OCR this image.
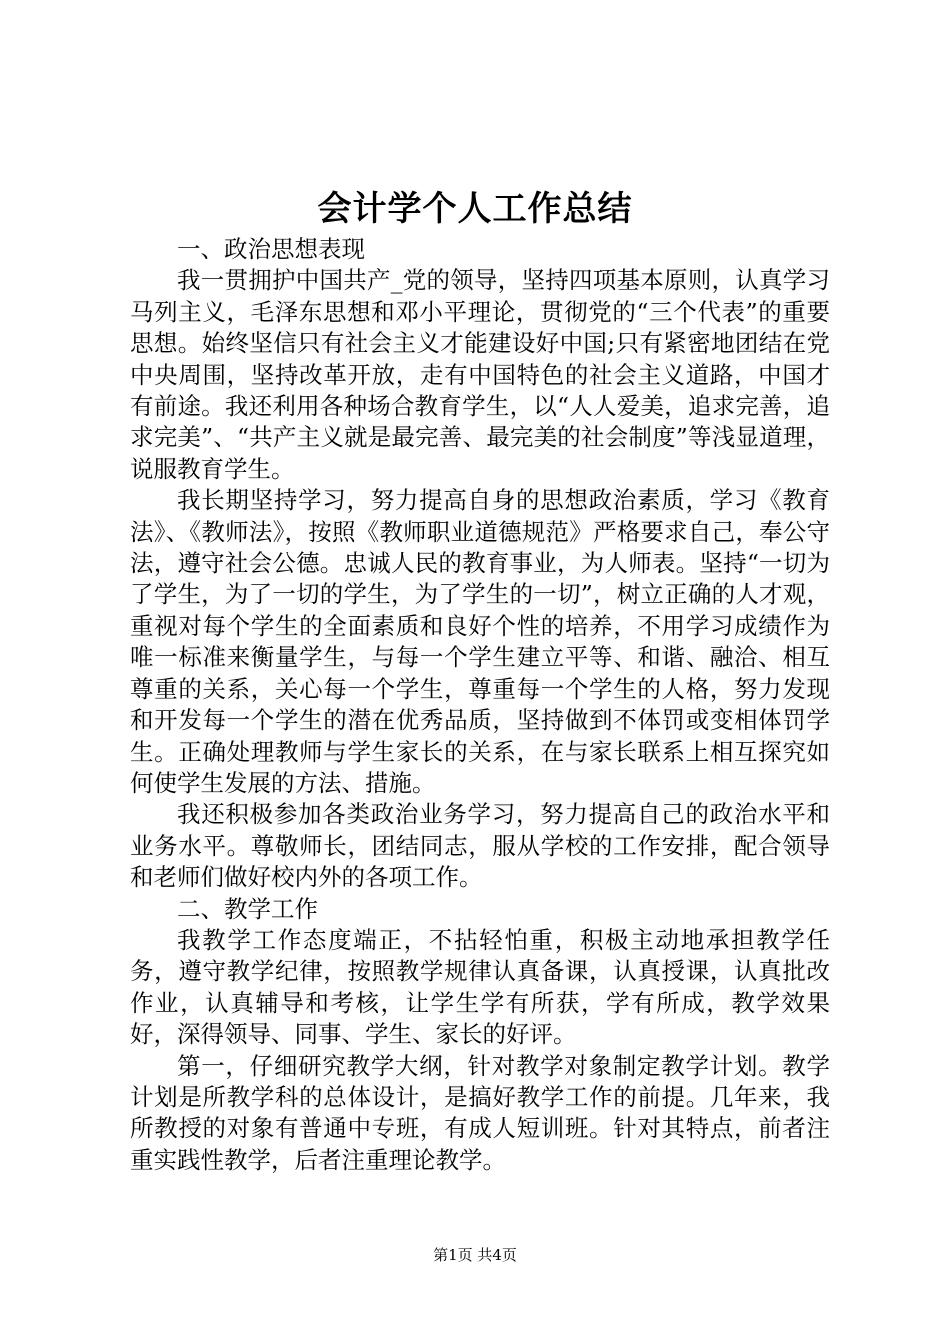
会计学个人工作总结

一、政治思想表现

我一贯拥护中国共产_党的领导，坚持四项基本原则，认真学习马列主义，毛泽东思想和邓小平理论，贯彻党的“三个代表”的重要思想。始终坚信只有社会主义才能建设好中国;只有紧密地团结在党中央周围，坚持改革开放，走有中国特色的社会主义道路，中国才有前途。我还利用各种场合教育学生，以“人人爱美，追求完善，追求完美”、“共产主义就是最完善、最完美的社会制度”等浅显道理，说服教育学生。

我长期坚持学习，努力提高自身的思想政治素质，学习《教育法》、《教师法》，按照《教师职业道德规范》严格要求自己，奉公守法，遵守社会公德。忠诚人民的教育事业，为人师表。坚持“一切为了学生，为了一切的学生，为了学生的一切”，树立正确的人才观，重视对每个学生的全面素质和良好个性的培养，不用学习成绩作为唯一标准来衡量学生，与每一个学生建立平等、和谐、融洽、相互尊重的关系，关心每一个学生，尊重每一个学生的人格，努力发现和开发每一个学生的潜在优秀品质，坚持做到不体罚或变相体罚学生。正确处理教师与学生家长的关系，在与家长联系上相互探究如何使学生发展的方法、措施。

我还积极参加各类政治业务学习，努力提高自己的政治水平和业务水平。尊敬师长，团结同志，服从学校的工作安排，配合领导和老师们做好校内外的各项工作。

二、教学工作

我教学工作态度端正，不拈轻怕重，积极主动地承担教学任务，遵守教学纪律，按照教学规律认真备课，认真授课，认真批改作业，认真辅导和考核，让学生学有所获，学有所成，教学效果好，深得领导、同事、学生、家长的好评。

第一，仔细研究教学大纲，针对教学对象制定教学计划。教学计划是所教学科的总体设计，是搞好教学工作的前提。几年来，我所教授的对象有普通中专班，有成人短训班。针对其特点，前者注重实践性教学，后者注重理论教学。

第1页 共4页
